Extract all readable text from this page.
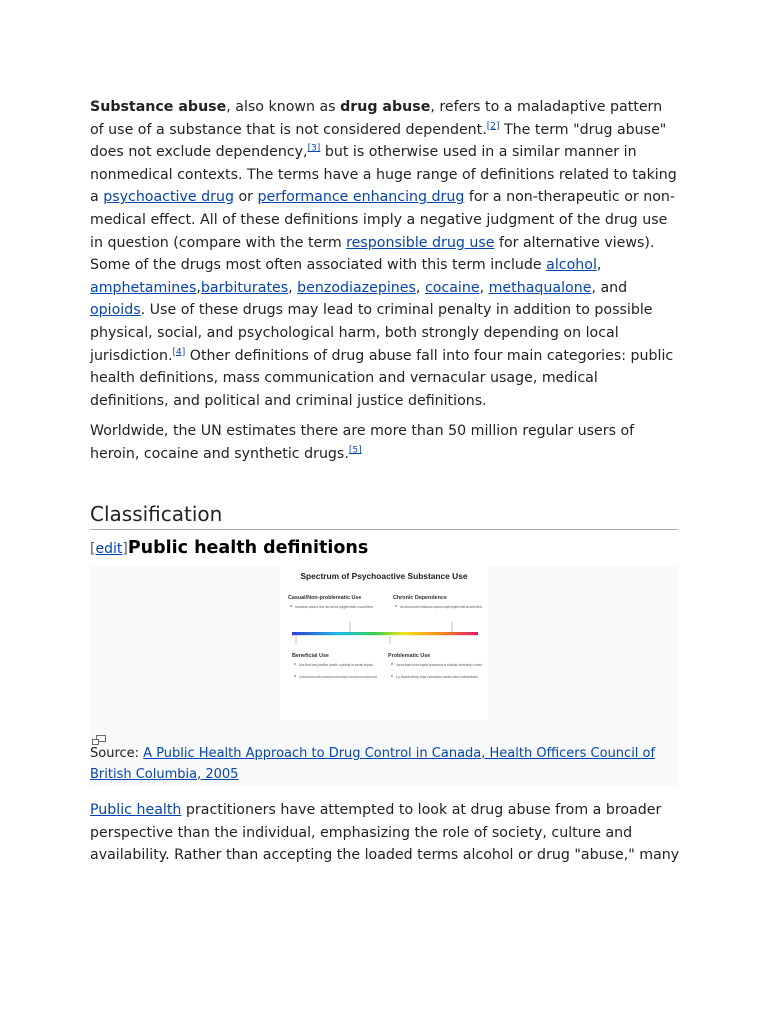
Substance abuse, also known as drug abuse, refers to a maladaptive pattern of use of a substance that is not considered dependent.[2] The term "drug abuse" does not exclude dependency,[3] but is otherwise used in a similar manner in nonmedical contexts. The terms have a huge range of definitions related to taking a psychoactive drug or performance enhancing drug for a non-therapeutic or non-medical effect. All of these definitions imply a negative judgment of the drug use in question (compare with the term responsible drug use for alternative views). Some of the drugs most often associated with this term include alcohol, amphetamines,barbiturates, benzodiazepines, cocaine, methaqualone, and opioids. Use of these drugs may lead to criminal penalty in addition to possible physical, social, and psychological harm, both strongly depending on local jurisdiction.[4] Other definitions of drug abuse fall into four main categories: public health definitions, mass communication and vernacular usage, medical definitions, and political and criminal justice definitions.

Worldwide, the UN estimates there are more than 50 million regular users of heroin, cocaine and synthetic drugs.[5]

Classification
[edit]Public health definitions
Spectrum of Psychoactive Substance Use
Casual/Non-problematic Use
recreational, casual or other use that has negligible health or social effects
Chronic Dependence
Use that has become habitual and compulsive despite negative health and social effects
Beneficial Use
Use that has positive health, spiritual or social impact
e.g. medical pharmaceuticals; coffee/tea to increase alertness; moderate consumption of red wine; sacramental use of ayahuasca or peyote
Problematic Use
Use that begins to have negative consequences for individuals, friends/family, or society
e.g. impaired driving; binge consumption; harmful routes of administration
Source: A Public Health Approach to Drug Control in Canada, Health Officers Council of British Columbia, 2005

Public health practitioners have attempted to look at drug abuse from a broader perspective than the individual, emphasizing the role of society, culture and availability. Rather than accepting the loaded terms alcohol or drug "abuse," many
